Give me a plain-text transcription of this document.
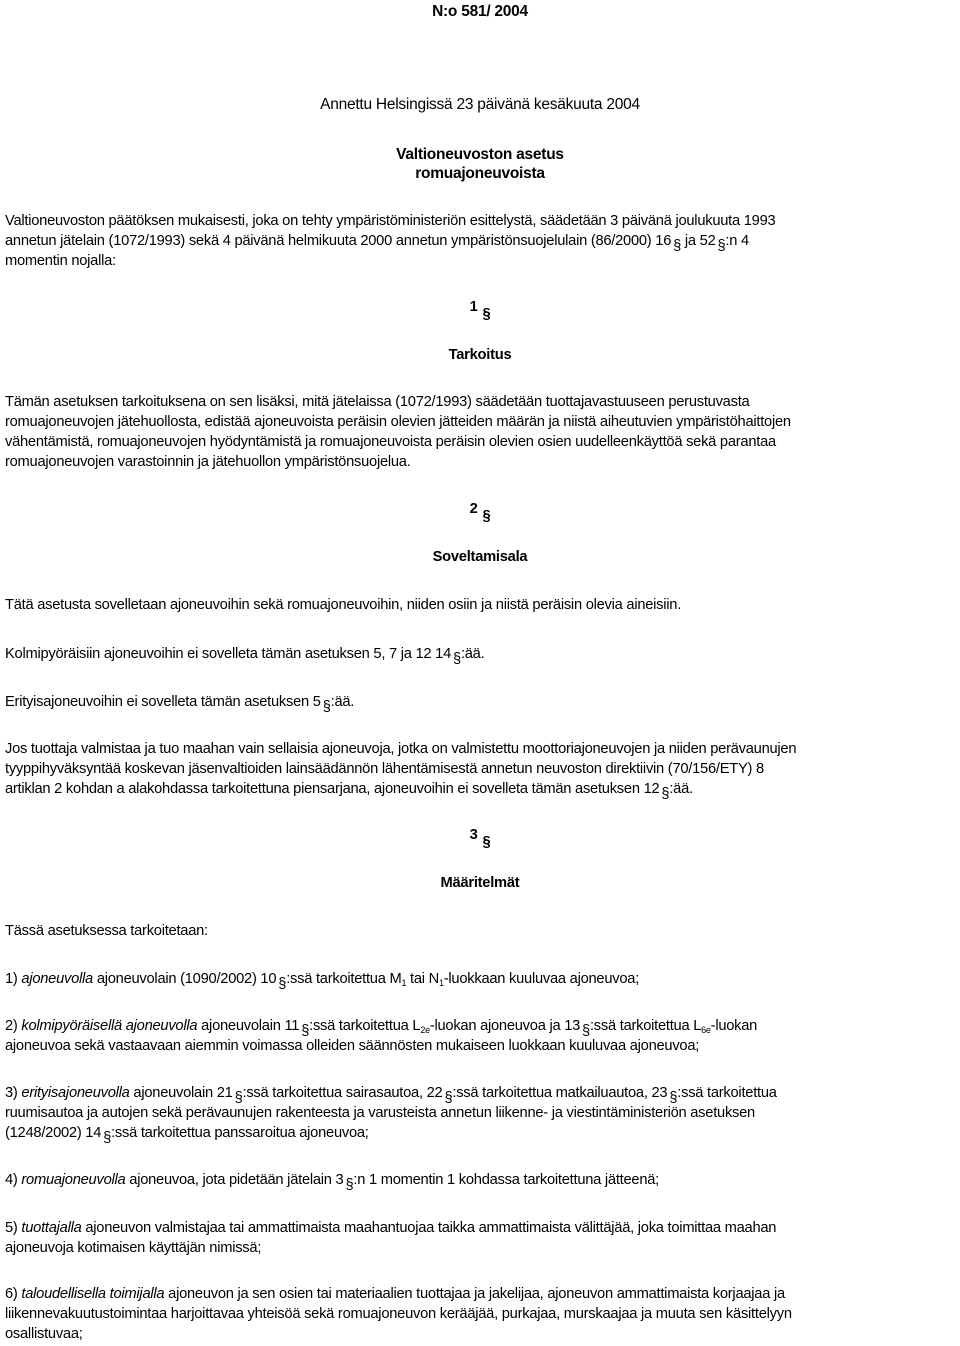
N:o 581/ 2004

Annettu Helsingissä 23 päivänä kesäkuuta 2004

Valtioneuvoston asetus

romuajoneuvoista

Valtioneuvoston päätöksen mukaisesti, joka on tehty ympäristöministeriön esittelystä, säädetään 3 päivänä joulukuuta 1993

annetun jätelain (1072/1993) sekä 4 päivänä helmikuuta 2000 annetun ympäristönsuojelulain (86/2000) 16 § ja 52 § :n 4

momentin nojalla:

1§

Tarkoitus

Tämän asetuksen tarkoituksena on sen lisäksi, mitä jätelaissa (1072/1993) säädetään tuottajavastuuseen perustuvasta

romuajoneuvojen jätehuollosta, edistää ajoneuvoista peräisin olevien jätteiden määrän ja niistä aiheutuvien ympäristöhaittojen

vähentämistä, romuajoneuvojen hyödyntämistä ja romuajoneuvoista peräisin olevien osien uudelleenkäyttöä sekä parantaa

romuajoneuvojen varastoinnin ja jätehuollon ympäristönsuojelua.

2§

Soveltamisala

Tätä asetusta sovelletaan ajoneuvoihin sekä romuajoneuvoihin, niiden osiin ja niistä peräisin olevia aineisiin.

Kolmipyöräisiin ajoneuvoihin ei sovelleta tämän asetuksen 5, 7 ja 12 14 § :ää.

Erityisajoneuvoihin ei sovelleta tämän asetuksen 5 § :ää.

Jos tuottaja valmistaa ja tuo maahan vain sellaisia ajoneuvoja, jotka on valmistettu moottoriajoneuvojen ja niiden perävaunujen

tyyppihyväksyntää koskevan jäsenvaltioiden lainsäädännön lähentämisestä annetun neuvoston direktiivin (70/156/ETY) 8

artiklan 2 kohdan a alakohdassa tarkoitettuna piensarjana, ajoneuvoihin ei sovelleta tämän asetuksen 12 § :ää.

3§

Määritelmät

Tässä asetuksessa tarkoitetaan:

1) ajoneuvolla ajoneuvolain (1090/2002) 10 § :ssä tarkoitettua $M_1$ tai $N_1$-luokkaan kuuluvaa ajoneuvoa;

2) kolmipyöräisellä ajoneuvolla ajoneuvolain 11 § :ssä tarkoitettua $L_{2e}$-luokan ajoneuvoa ja 13 § :ssä tarkoitettua $L_{6e}$-luokan

ajoneuvoa sekä vastaavaan aiemmin voimassa olleiden säännösten mukaiseen luokkaan kuuluvaa ajoneuvoa;

3) erityisajoneuvolla ajoneuvolain 21 § :ssä tarkoitettua sairasautoa, 22 § :ssä tarkoitettua matkailuautoa, 23 § :ssä tarkoitettua

ruumisautoa ja autojen sekä perävaunujen rakenteesta ja varusteista annetun liikenne- ja viestintäministeriön asetuksen

(1248/2002) 14 § :ssä tarkoitettua panssaroitua ajoneuvoa;

4) romuajoneuvolla ajoneuvoa, jota pidetään jätelain 3 § :n 1 momentin 1 kohdassa tarkoitettuna jätteenä;

5) tuottajalla ajoneuvon valmistajaa tai ammattimaista maahantuojaa taikka ammattimaista välittäjää, joka toimittaa maahan

ajoneuvoja kotimaisen käyttäjän nimissä;

6) taloudellisella toimijalla ajoneuvon ja sen osien tai materiaalien tuottajaa ja jakelijaa, ajoneuvon ammattimaista korjaajaa ja

liikennevakuutustoimintaa harjoittavaa yhteisöä sekä romuajoneuvon kerääjää, purkajaa, murskaajaa ja muuta sen käsittelyyn

osallistuvaa;
